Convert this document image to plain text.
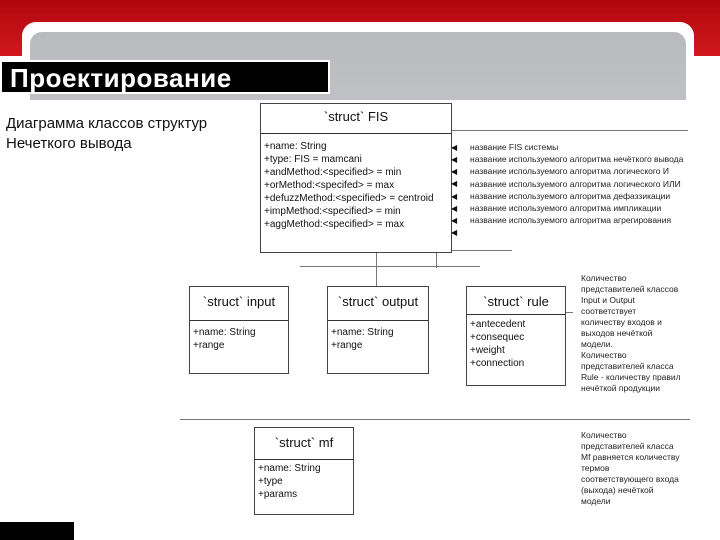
Проектирование
Диаграмма классов структур
Нечеткого вывода
`struct` FIS
+name: String
+type: FIS = mamcani
+andMethod:<specified> = min
+orMethod:<specifed> = max
+defuzzMethod:<specified> = centroid
+impMethod:<specified> = min
+aggMethod:<specified> = max
◀
◀
◀
◀
◀
◀
◀
◀
название FIS системы
название используемого алгоритма нечёткого вывода
название используемого алгоритма логического И
название используемого алгоритма логического ИЛИ
название используемого алгоритма дефаззикации
название используемого алгоритма импликации
название используемого алгоритма агрегирования
`struct` input
+name: String
+range
`struct` output
+name: String
+range
`struct` rule
+antecedent
+consequec
+weight
+connection
Количество
представителей классов
Input и Output
соответствует
количеству входов и
выходов нечёткой
модели.
Количество
представителей класса
Rule - количеству правил
нечёткой продукции
`struct` mf
+name: String
+type
+params
Количество
представителей класса
Mf равняется количеству
термов
соответствующего входа
(выхода) нечёткой
модели
